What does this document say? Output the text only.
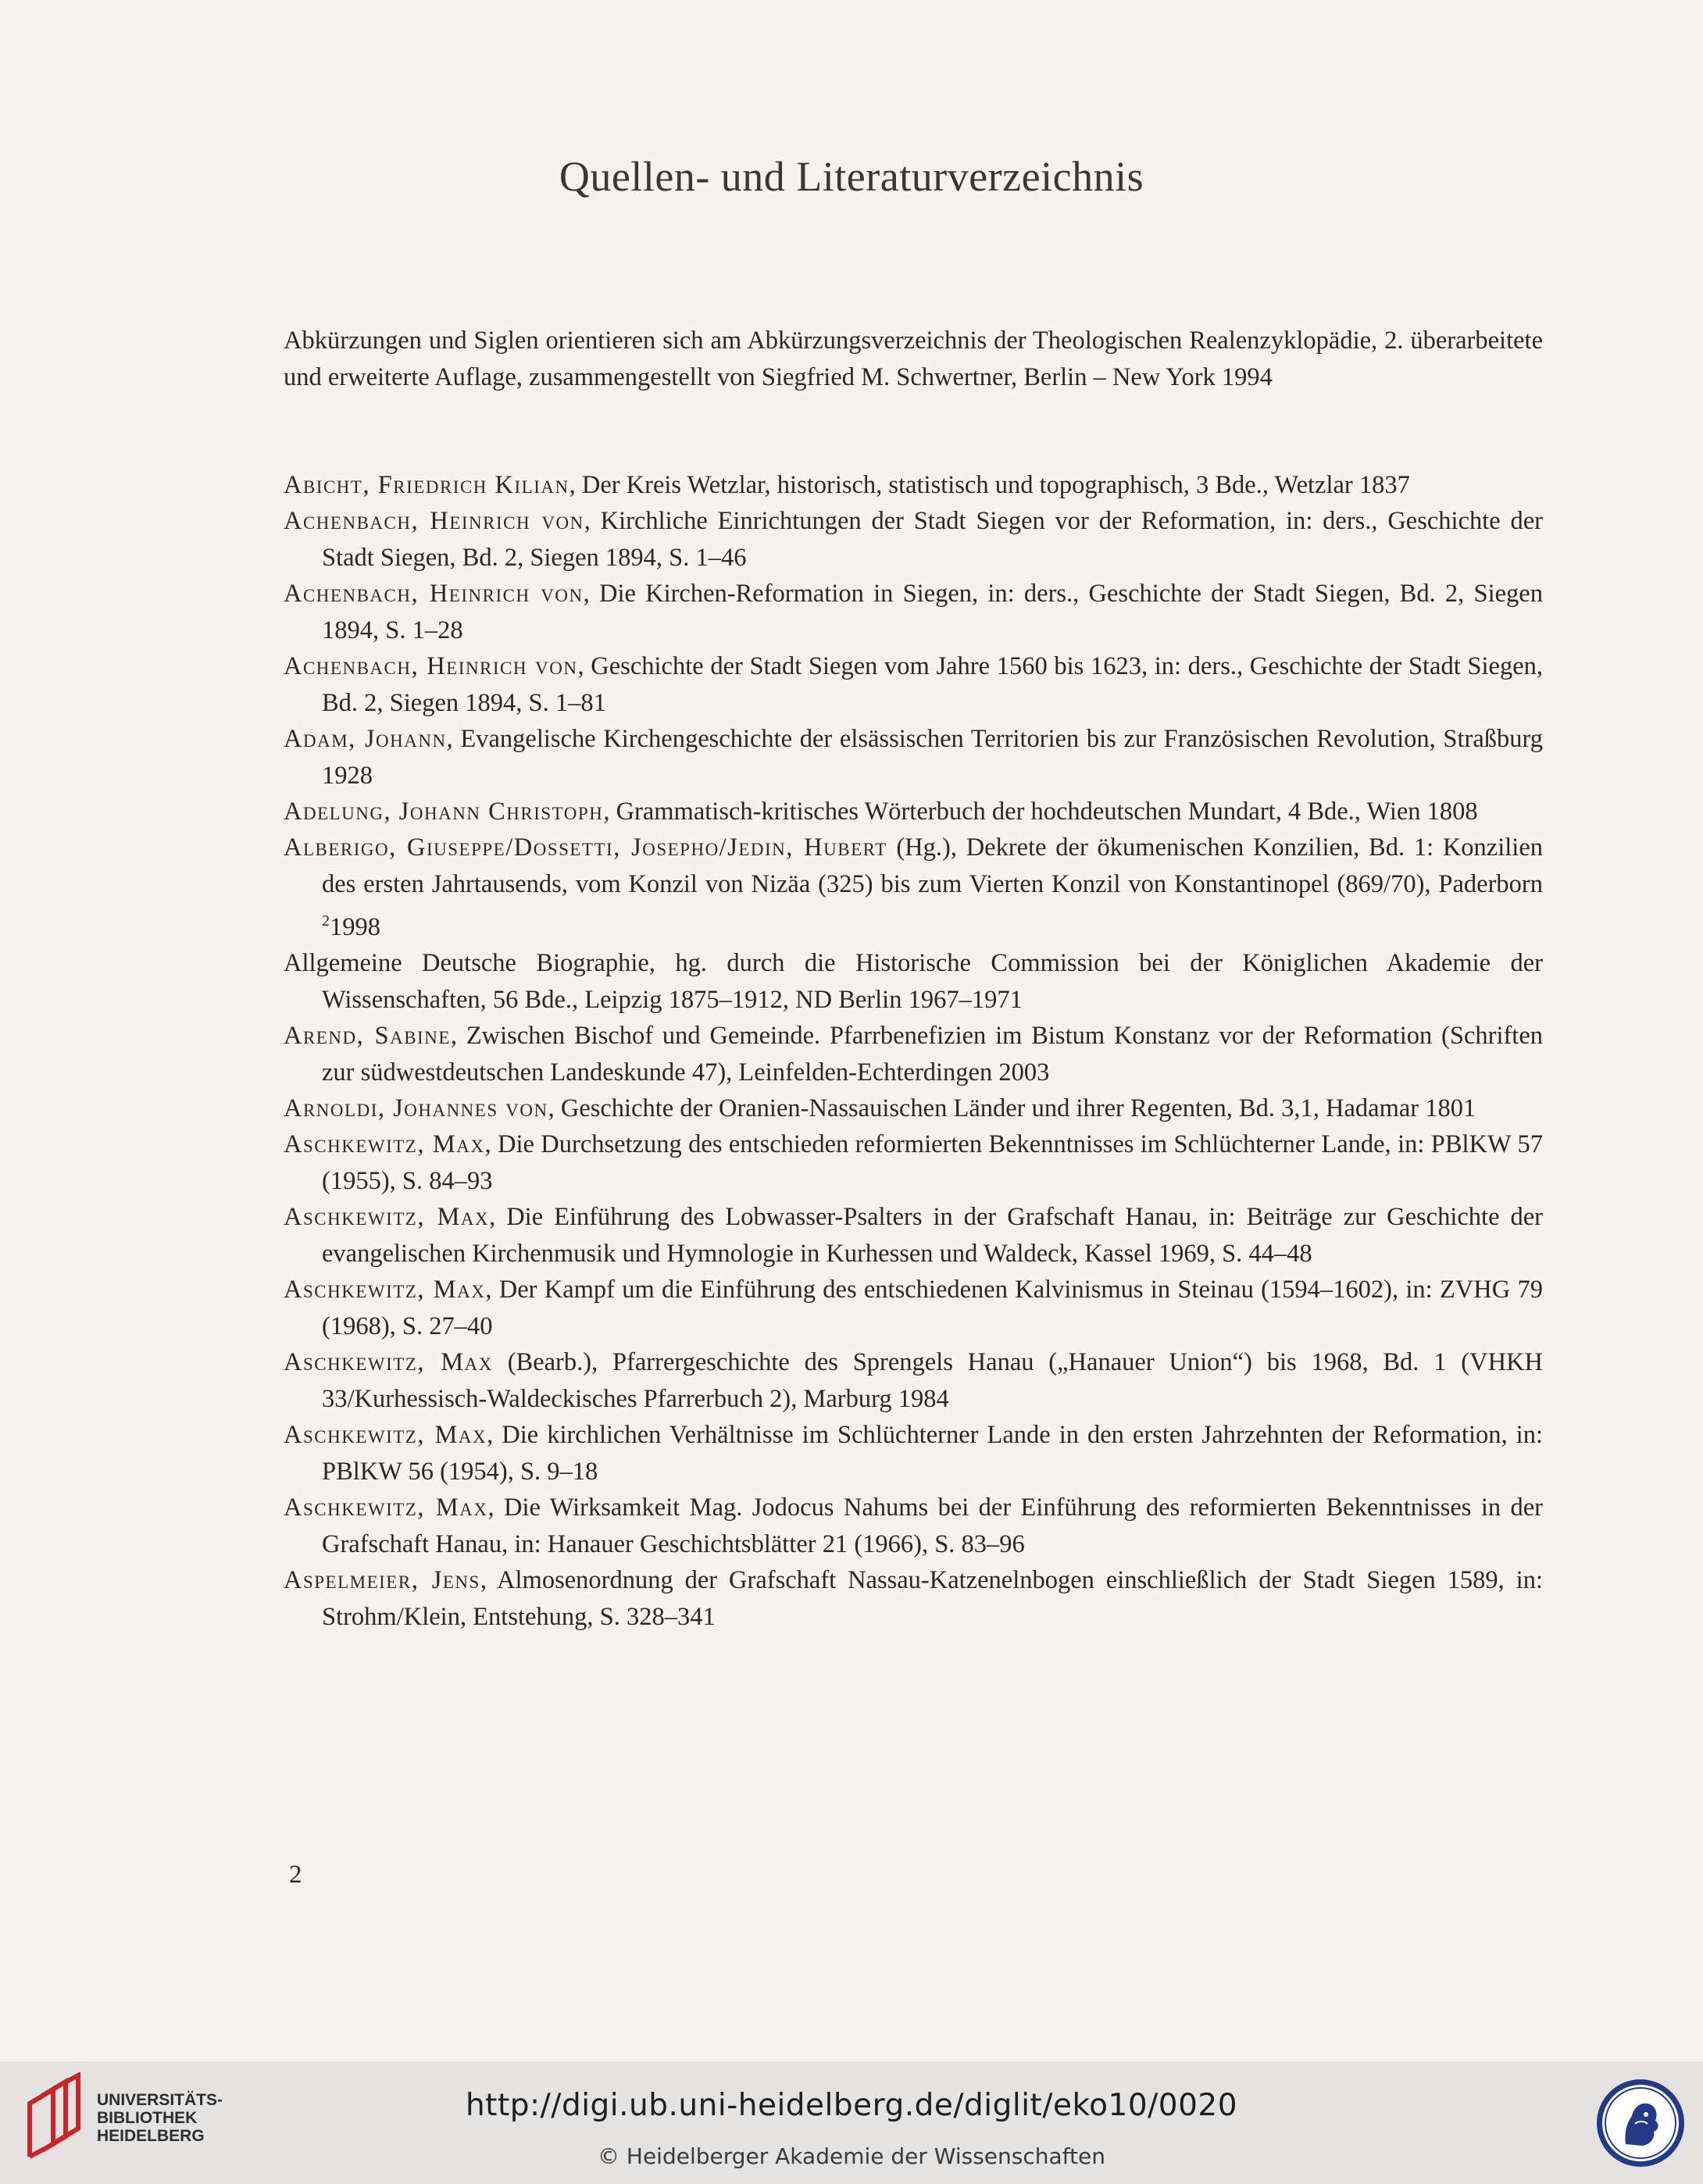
Quellen- und Literaturverzeichnis

Abkürzungen und Siglen orientieren sich am Abkürzungsverzeichnis der Theologischen Realenzyklopädie, 2. überarbeitete und erweiterte Auflage, zusammengestellt von Siegfried M. Schwertner, Berlin – New York 1994

Abicht, Friedrich Kilian, Der Kreis Wetzlar, historisch, statistisch und topographisch, 3 Bde., Wetzlar 1837
Achenbach, Heinrich von, Kirchliche Einrichtungen der Stadt Siegen vor der Reformation, in: ders., Geschichte der Stadt Siegen, Bd. 2, Siegen 1894, S. 1–46
Achenbach, Heinrich von, Die Kirchen-Reformation in Siegen, in: ders., Geschichte der Stadt Siegen, Bd. 2, Siegen 1894, S. 1–28
Achenbach, Heinrich von, Geschichte der Stadt Siegen vom Jahre 1560 bis 1623, in: ders., Geschichte der Stadt Siegen, Bd. 2, Siegen 1894, S. 1–81
Adam, Johann, Evangelische Kirchengeschichte der elsässischen Territorien bis zur Französischen Revolution, Straßburg 1928
Adelung, Johann Christoph, Grammatisch-kritisches Wörterbuch der hochdeutschen Mundart, 4 Bde., Wien 1808
Alberigo, Giuseppe/Dossetti, Josepho/Jedin, Hubert (Hg.), Dekrete der ökumenischen Konzilien, Bd. 1: Konzilien des ersten Jahrtausends, vom Konzil von Nizäa (325) bis zum Vierten Konzil von Konstantinopel (869/70), Paderborn $^2$1998
Allgemeine Deutsche Biographie, hg. durch die Historische Commission bei der Königlichen Akademie der Wissenschaften, 56 Bde., Leipzig 1875–1912, ND Berlin 1967–1971
Arend, Sabine, Zwischen Bischof und Gemeinde. Pfarrbenefizien im Bistum Konstanz vor der Reformation (Schriften zur südwestdeutschen Landeskunde 47), Leinfelden-Echterdingen 2003
Arnoldi, Johannes von, Geschichte der Oranien-Nassauischen Länder und ihrer Regenten, Bd. 3,1, Hadamar 1801
Aschkewitz, Max, Die Durchsetzung des entschieden reformierten Bekenntnisses im Schlüchterner Lande, in: PBlKW 57 (1955), S. 84–93
Aschkewitz, Max, Die Einführung des Lobwasser-Psalters in der Grafschaft Hanau, in: Beiträge zur Geschichte der evangelischen Kirchenmusik und Hymnologie in Kurhessen und Waldeck, Kassel 1969, S. 44–48
Aschkewitz, Max, Der Kampf um die Einführung des entschiedenen Kalvinismus in Steinau (1594–1602), in: ZVHG 79 (1968), S. 27–40
Aschkewitz, Max (Bearb.), Pfarrergeschichte des Sprengels Hanau („Hanauer Union“) bis 1968, Bd. 1 (VHKH 33/Kurhessisch-Waldeckisches Pfarrerbuch 2), Marburg 1984
Aschkewitz, Max, Die kirchlichen Verhältnisse im Schlüchterner Lande in den ersten Jahrzehnten der Reformation, in: PBlKW 56 (1954), S. 9–18
Aschkewitz, Max, Die Wirksamkeit Mag. Jodocus Nahums bei der Einführung des reformierten Bekenntnisses in der Grafschaft Hanau, in: Hanauer Geschichtsblätter 21 (1966), S. 83–96
Aspelmeier, Jens, Almosenordnung der Grafschaft Nassau-Katzenelnbogen einschließlich der Stadt Siegen 1589, in: Strohm/Klein, Entstehung, S. 328–341
2
UNIVERSITÄTS-
BIBLIOTHEK
HEIDELBERG
http://digi.ub.uni-heidelberg.de/diglit/eko10/0020
© Heidelberger Akademie der Wissenschaften
